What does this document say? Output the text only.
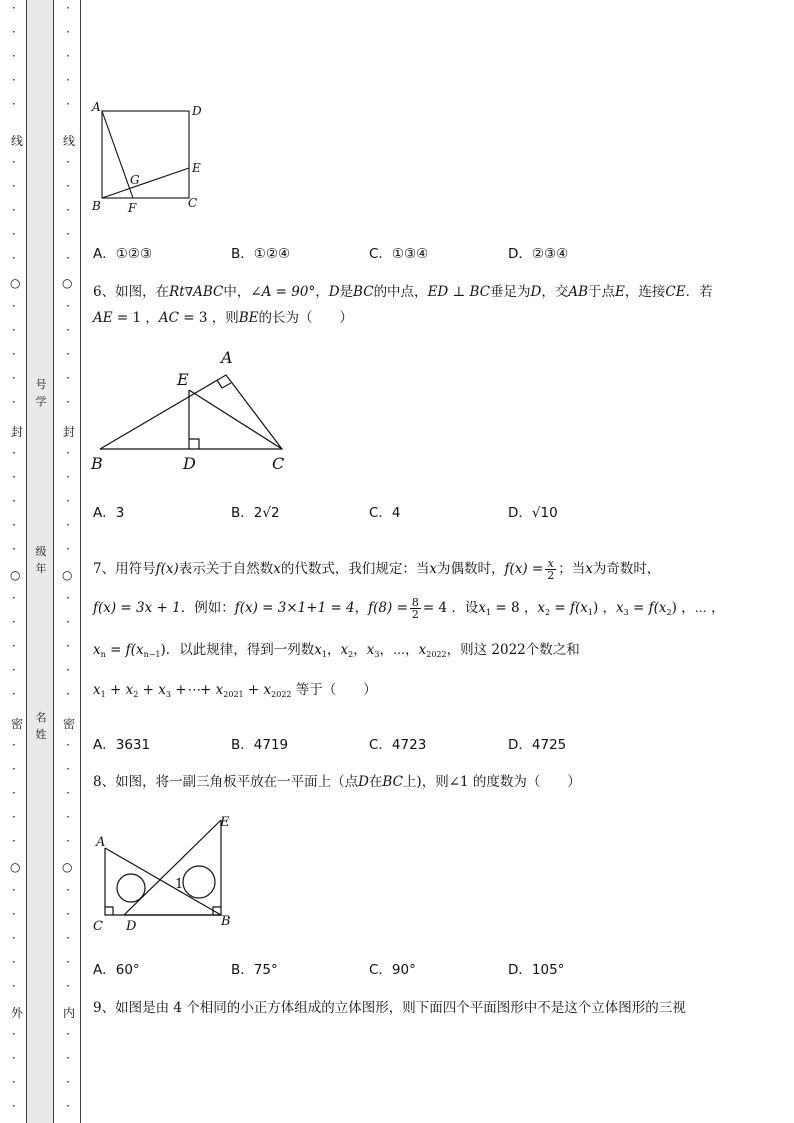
·
·
·
·
·
线
·
·
·
·
·
○
·
·
·
·
·
封
·
·
·
·
·
○
·
·
·
·
·
密
·
·
·
·
·
○
·
·
·
·
·
外
·
·
·
·
·
·
·
·
·
线
·
·
·
·
·
○
·
·
·
·
·
封
·
·
·
·
·
○
·
·
·
·
·
密
·
·
·
·
·
○
·
·
·
·
·
内
·
·
·
·
号学
级年
名姓
A	D
E
G
B F	C
A．①②③	B．①②④	C．①③④	D．②③④
6、如图，在Rt∇ABC中，∠A = 90°，D是BC的中点，ED ⊥ BC垂足为D，交AB于点E，连接CE．若
AE = 1 ，AC = 3 ，则BE的长为（　　）
A
E
B	D	C
A．3	B．2√2	C．4	D．√10
7、用符号f(x)表示关于自然数x的代数式，我们规定：当x为偶数时，$f(x) = \frac{x}{2}$ ；当x为奇数时，
f(x) = 3x + 1．例如：f(x) = 3×1+1 = 4，$f(8) = \frac{8}{2} = 4$ ．设$x_1 = 8$ ，$x_2 = f(x_1)$ ，$x_3 = f(x_2)$ ，⋯ ，
$x_n = f(x_{n-1})$．以此规律，得到一列数$x_1$，$x_2$，$x_3$，⋯，$x_{2022}$，则这 2022个数之和
$x_1 + x_2 + x_3$ +⋯+ $x_{2021} + x_{2022}$ 等于（　　）
A．3631	B．4719	C．4723	D．4725
8、如图，将一副三角板平放在一平面上（点D在BC上)，则∠1 的度数为（　　）
A
E
C D	B
1
A．60°	B．75°	C．90°	D．105°
9、如图是由 4 个相同的小正方体组成的立体图形，则下面四个平面图形中不是这个立体图形的三视
